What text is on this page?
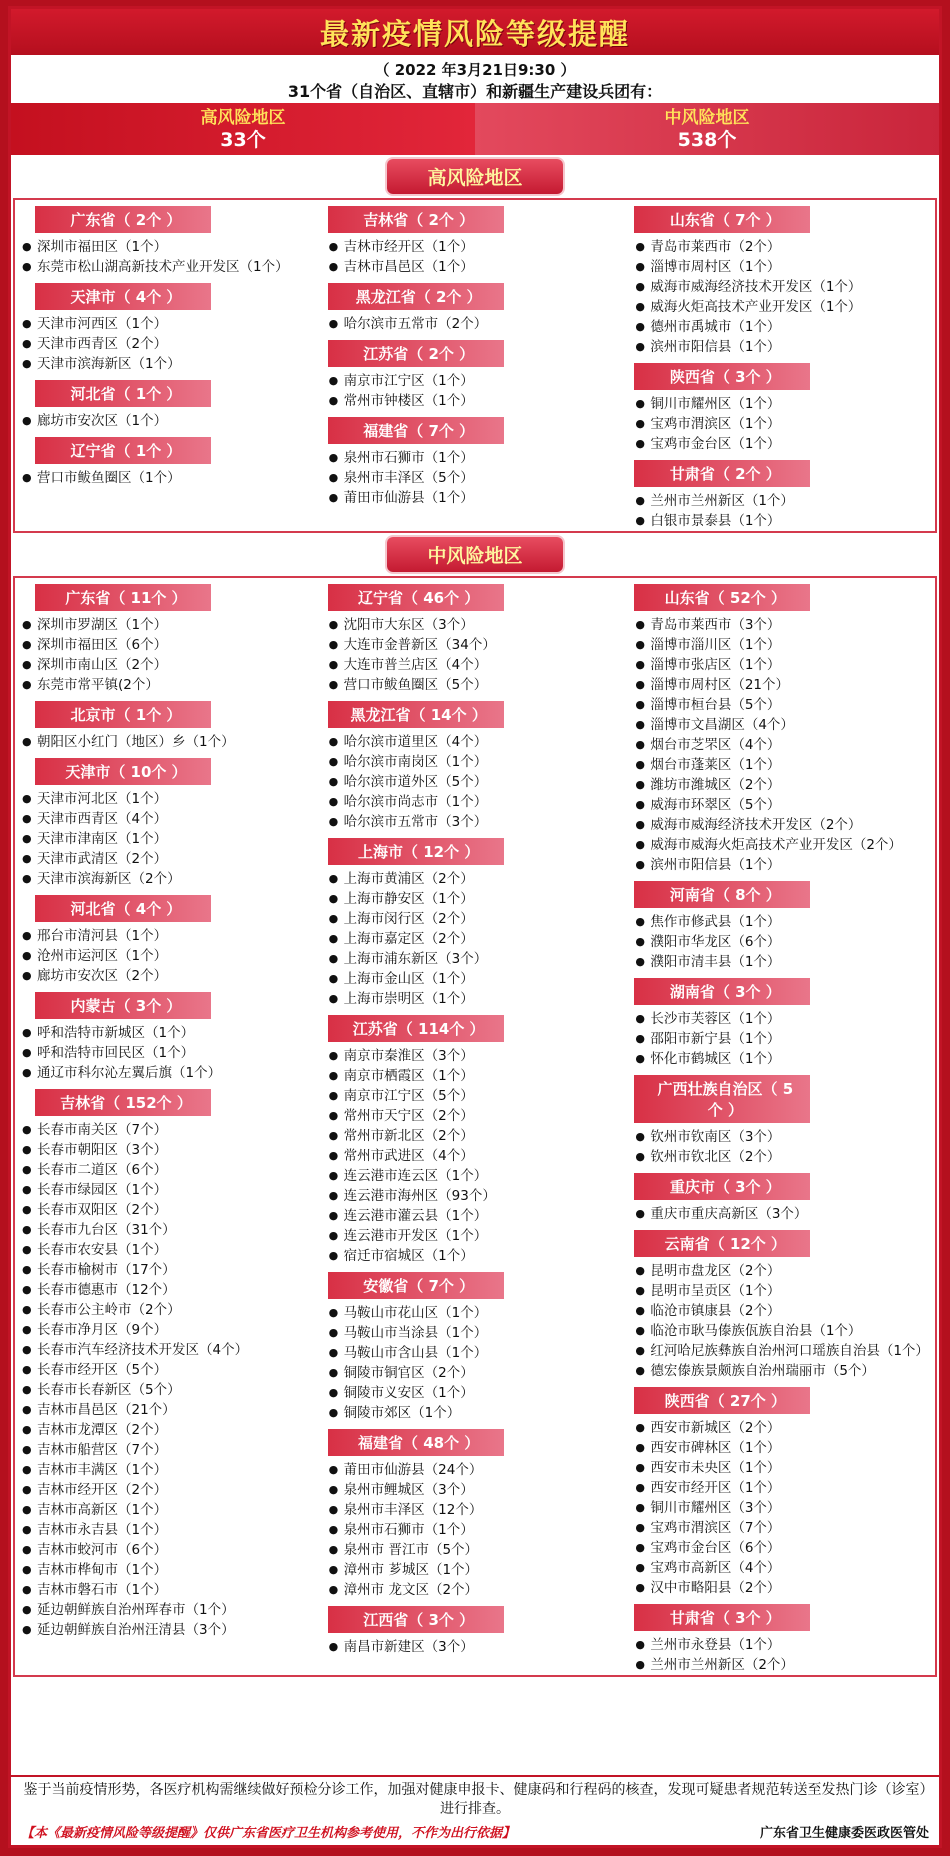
最新疫情风险等级提醒
（ 2022 年3月21日9:30 ）
31个省（自治区、直辖市）和新疆生产建设兵团有：
高风险地区
33个
中风险地区
538个
高风险地区
广东省（ 2个 ）
● 深圳市福田区（1个）
● 东莞市松山湖高新技术产业开发区（1个）
天津市（ 4个 ）
● 天津市河西区（1个）
● 天津市西青区（2个）
● 天津市滨海新区（1个）
河北省（ 1个 ）
● 廊坊市安次区（1个）
辽宁省（ 1个 ）
● 营口市鲅鱼圈区（1个）
吉林省（ 2个 ）
● 吉林市经开区（1个）
● 吉林市昌邑区（1个）
黑龙江省（ 2个 ）
● 哈尔滨市五常市（2个）
江苏省（ 2个 ）
● 南京市江宁区（1个）
● 常州市钟楼区（1个）
福建省（ 7个 ）
● 泉州市石狮市（1个）
● 泉州市丰泽区（5个）
● 莆田市仙游县（1个）
山东省（ 7个 ）
● 青岛市莱西市（2个）
● 淄博市周村区（1个）
● 威海市威海经济技术开发区（1个）
● 威海火炬高技术产业开发区（1个）
● 德州市禹城市（1个）
● 滨州市阳信县（1个）
陕西省（ 3个 ）
● 铜川市耀州区（1个）
● 宝鸡市渭滨区（1个）
● 宝鸡市金台区（1个）
甘肃省（ 2个 ）
● 兰州市兰州新区（1个）
● 白银市景泰县（1个）
中风险地区
广东省（ 11个 ）
● 深圳市罗湖区（1个）
● 深圳市福田区（6个）
● 深圳市南山区（2个）
● 东莞市常平镇(2个）
北京市（ 1个 ）
● 朝阳区小红门（地区）乡（1个）
天津市（ 10个 ）
● 天津市河北区（1个）
● 天津市西青区（4个）
● 天津市津南区（1个）
● 天津市武清区（2个）
● 天津市滨海新区（2个）
河北省（ 4个 ）
● 邢台市清河县（1个）
● 沧州市运河区（1个）
● 廊坊市安次区（2个）
内蒙古（ 3个 ）
● 呼和浩特市新城区（1个）
● 呼和浩特市回民区（1个）
● 通辽市科尔沁左翼后旗（1个）
吉林省（ 152个 ）
● 长春市南关区（7个）
● 长春市朝阳区（3个）
● 长春市二道区（6个）
● 长春市绿园区（1个）
● 长春市双阳区（2个）
● 长春市九台区（31个）
● 长春市农安县（1个）
● 长春市榆树市（17个）
● 长春市德惠市（12个）
● 长春市公主岭市（2个）
● 长春市净月区（9个）
● 长春市汽车经济技术开发区（4个）
● 长春市经开区（5个）
● 长春市长春新区（5个）
● 吉林市昌邑区（21个）
● 吉林市龙潭区（2个）
● 吉林市船营区（7个）
● 吉林市丰满区（1个）
● 吉林市经开区（2个）
● 吉林市高新区（1个）
● 吉林市永吉县（1个）
● 吉林市蛟河市（6个）
● 吉林市桦甸市（1个）
● 吉林市磐石市（1个）
● 延边朝鲜族自治州珲春市（1个）
● 延边朝鲜族自治州汪清县（3个）
辽宁省（ 46个 ）
● 沈阳市大东区（3个）
● 大连市金普新区（34个）
● 大连市普兰店区（4个）
● 营口市鲅鱼圈区（5个）
黑龙江省（ 14个 ）
● 哈尔滨市道里区（4个）
● 哈尔滨市南岗区（1个）
● 哈尔滨市道外区（5个）
● 哈尔滨市尚志市（1个）
● 哈尔滨市五常市（3个）
上海市（ 12个 ）
● 上海市黄浦区（2个）
● 上海市静安区（1个）
● 上海市闵行区（2个）
● 上海市嘉定区（2个）
● 上海市浦东新区（3个）
● 上海市金山区（1个）
● 上海市崇明区（1个）
江苏省（ 114个 ）
● 南京市秦淮区（3个）
● 南京市栖霞区（1个）
● 南京市江宁区（5个）
● 常州市天宁区（2个）
● 常州市新北区（2个）
● 常州市武进区（4个）
● 连云港市连云区（1个）
● 连云港市海州区（93个）
● 连云港市灌云县（1个）
● 连云港市开发区（1个）
● 宿迁市宿城区（1个）
安徽省（ 7个 ）
● 马鞍山市花山区（1个）
● 马鞍山市当涂县（1个）
● 马鞍山市含山县（1个）
● 铜陵市铜官区（2个）
● 铜陵市义安区（1个）
● 铜陵市郊区（1个）
福建省（ 48个 ）
● 莆田市仙游县（24个）
● 泉州市鲤城区（3个）
● 泉州市丰泽区（12个）
● 泉州市石狮市（1个）
● 泉州市 晋江市（5个）
● 漳州市 芗城区（1个）
● 漳州市 龙文区（2个）
江西省（ 3个 ）
● 南昌市新建区（3个）
山东省（ 52个 ）
● 青岛市莱西市（3个）
● 淄博市淄川区（1个）
● 淄博市张店区（1个）
● 淄博市周村区（21个）
● 淄博市桓台县（5个）
● 淄博市文昌湖区（4个）
● 烟台市芝罘区（4个）
● 烟台市蓬莱区（1个）
● 潍坊市潍城区（2个）
● 威海市环翠区（5个）
● 威海市威海经济技术开发区（2个）
● 威海市威海火炬高技术产业开发区（2个）
● 滨州市阳信县（1个）
河南省（ 8个 ）
● 焦作市修武县（1个）
● 濮阳市华龙区（6个）
● 濮阳市清丰县（1个）
湖南省（ 3个 ）
● 长沙市芙蓉区（1个）
● 邵阳市新宁县（1个）
● 怀化市鹤城区（1个）
广西壮族自治区（ 5个 ）
● 钦州市钦南区（3个）
● 钦州市钦北区（2个）
重庆市（ 3个 ）
● 重庆市重庆高新区（3个）
云南省（ 12个 ）
● 昆明市盘龙区（2个）
● 昆明市呈贡区（1个）
● 临沧市镇康县（2个）
● 临沧市耿马傣族佤族自治县（1个）
● 红河哈尼族彝族自治州河口瑶族自治县（1个）
● 德宏傣族景颇族自治州瑞丽市（5个）
陕西省（ 27个 ）
● 西安市新城区（2个）
● 西安市碑林区（1个）
● 西安市未央区（1个）
● 西安市经开区（1个）
● 铜川市耀州区（3个）
● 宝鸡市渭滨区（7个）
● 宝鸡市金台区（6个）
● 宝鸡市高新区（4个）
● 汉中市略阳县（2个）
甘肃省（ 3个 ）
● 兰州市永登县（1个）
● 兰州市兰州新区（2个）
鉴于当前疫情形势，各医疗机构需继续做好预检分诊工作，加强对健康申报卡、健康码和行程码的核查，发现可疑患者规范转送至发热门诊（诊室）进行排查。
【本《最新疫情风险等级提醒》仅供广东省医疗卫生机构参考使用，不作为出行依据】	广东省卫生健康委医政医管处
